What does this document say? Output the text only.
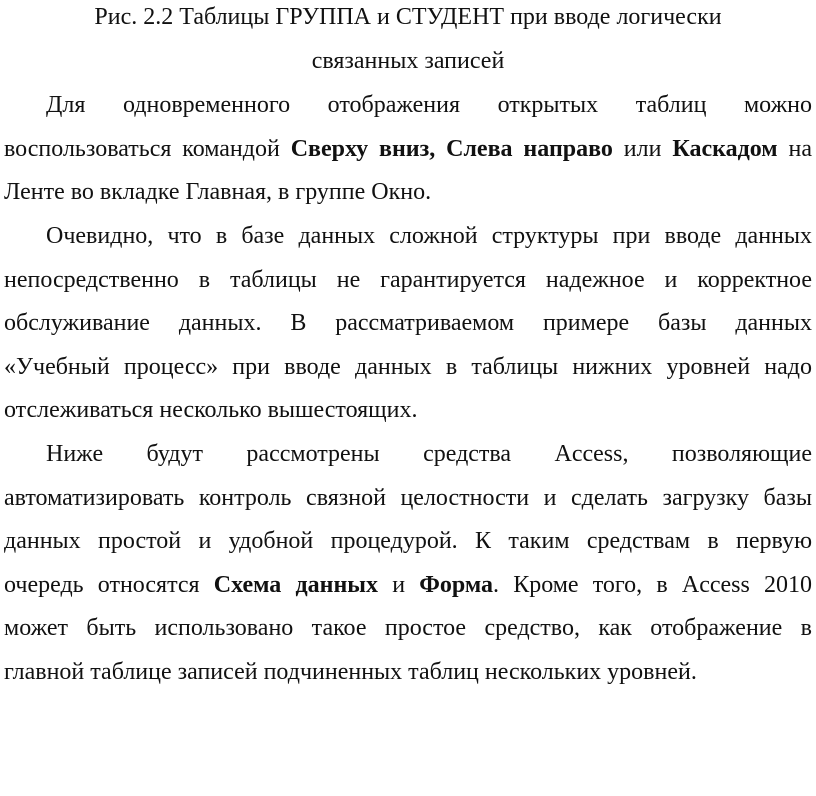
Рис. 2.2 Таблицы ГРУППА и СТУДЕНТ при вводе логически
связанных записей
Для одновременного отображения открытых таблиц можно
воспользоваться командой Сверху вниз, Слева направо или Каскадом на
Ленте во вкладке Главная, в группе Окно.
Очевидно, что в базе данных сложной структуры при вводе данных
непосредственно в таблицы не гарантируется надежное и корректное
обслуживание данных. В рассматриваемом примере базы данных
«Учебный процесс» при вводе данных в таблицы нижних уровней надо
отслеживаться несколько вышестоящих.
Ниже будут рассмотрены средства Access, позволяющие
автоматизировать контроль связной целостности и сделать загрузку базы
данных простой и удобной процедурой. К таким средствам в первую
очередь относятся Схема данных и Форма. Кроме того, в Access 2010
может быть использовано такое простое средство, как отображение в
главной таблице записей подчиненных таблиц нескольких уровней.
